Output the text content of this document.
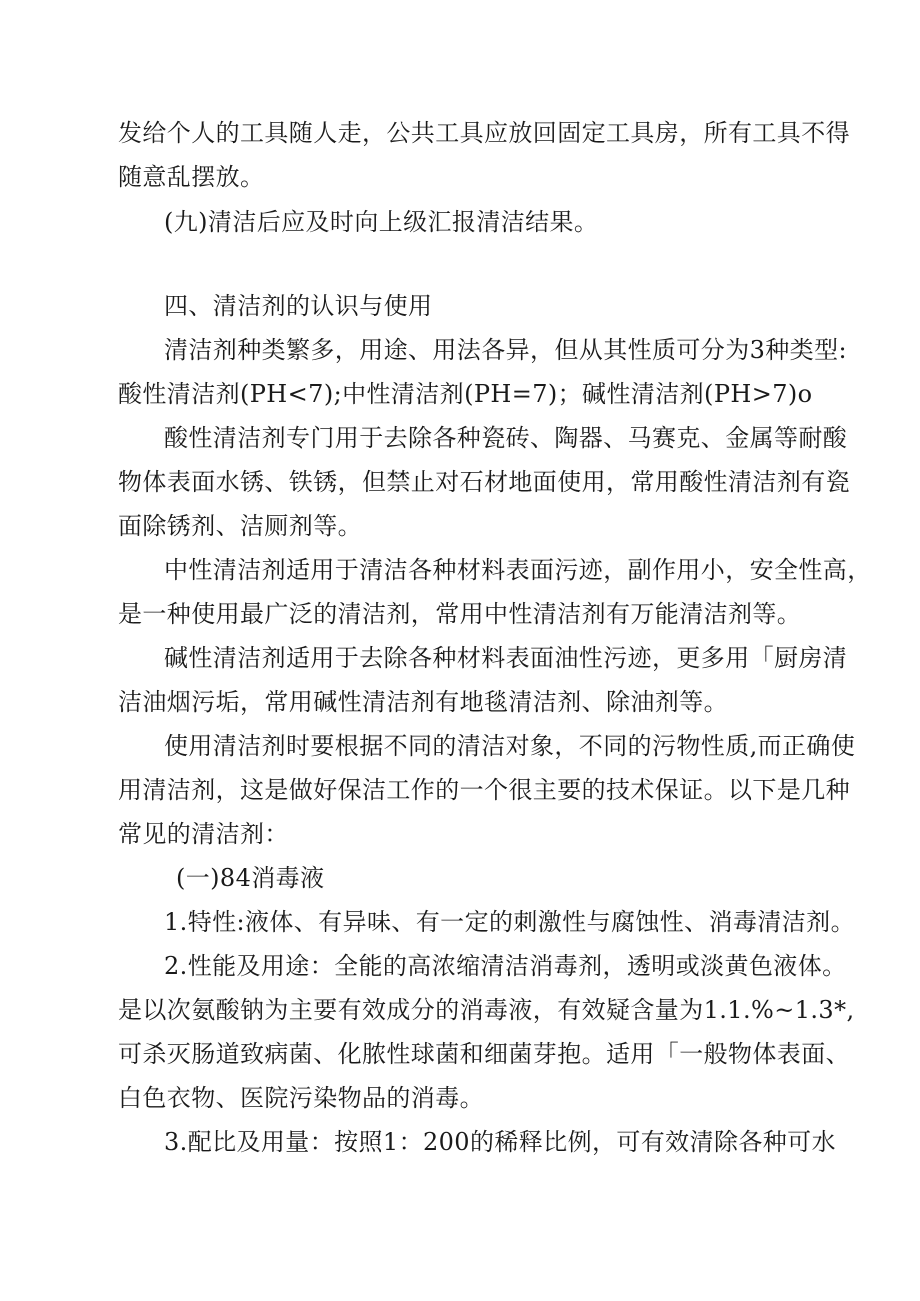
发给个人的工具随人走，公共工具应放回固定工具房，所有工具不得

随意乱摆放。

(九)清洁后应及时向上级汇报清洁结果。

四、清洁剂的认识与使用

清洁剂种类繁多，用途、用法各异，但从其性质可分为3种类型:

酸性清洁剂(PH<7);中性清洁剂(PH=7)；碱性清洁剂(PH>7)o

酸性清洁剂专门用于去除各种瓷砖、陶器、马赛克、金属等耐酸

物体表面水锈、铁锈，但禁止对石材地面使用，常用酸性清洁剂有瓷

面除锈剂、洁厕剂等。

中性清洁剂适用于清洁各种材料表面污迹，副作用小，安全性高，

是一种使用最广泛的清洁剂，常用中性清洁剂有万能清洁剂等。

碱性清洁剂适用于去除各种材料表面油性污迹，更多用「厨房清

洁油烟污垢，常用碱性清洁剂有地毯清洁剂、除油剂等。

使用清洁剂时要根据不同的清洁对象，不同的污物性质,而正确使

用清洁剂，这是做好保洁工作的一个很主要的技术保证。以下是几种

常见的清洁剂：

(一)84消毒液

1.特性:液体、有异味、有一定的刺激性与腐蚀性、消毒清洁剂。

2.性能及用途：全能的高浓缩清洁消毒剂，透明或淡黄色液体。

是以次氨酸钠为主要有效成分的消毒液，有效疑含量为1.1.%~1.3*,

可杀灭肠道致病菌、化脓性球菌和细菌芽抱。适用「一般物体表面、

白色衣物、医院污染物品的消毒。

3.配比及用量：按照1：200的稀释比例，可有效清除各种可水
